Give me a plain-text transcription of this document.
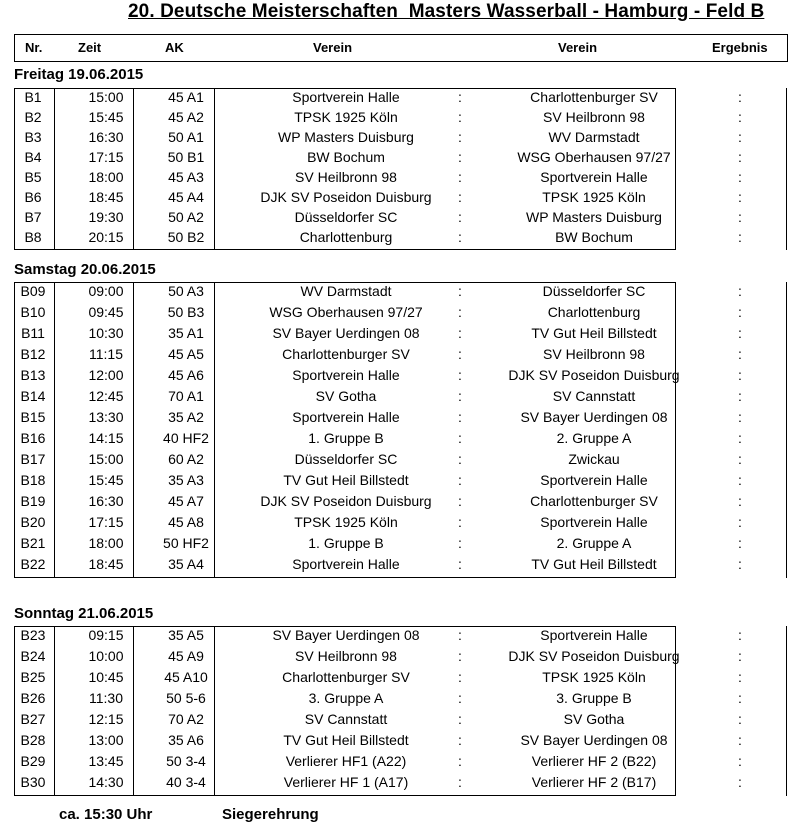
20. Deutsche Meisterschaften  Masters Wasserball - Hamburg - Feld B
Nr.	Zeit	AK	Verein	Verein	Ergebnis
Freitag 19.06.2015
B1	15:00	45 A1	Sportverein Halle	:	Charlottenburger SV	:
B2	15:45	45 A2	TPSK 1925 Köln	:	SV Heilbronn 98	:
B3	16:30	50 A1	WP Masters Duisburg	:	WV Darmstadt	:
B4	17:15	50 B1	BW Bochum	:	WSG Oberhausen 97/27	:
B5	18:00	45 A3	SV Heilbronn 98	:	Sportverein Halle	:
B6	18:45	45 A4	DJK SV Poseidon Duisburg	:	TPSK 1925 Köln	:
B7	19:30	50 A2	Düsseldorfer SC	:	WP Masters Duisburg	:
B8	20:15	50 B2	Charlottenburg	:	BW Bochum	:
Samstag 20.06.2015
B09	09:00	50 A3	WV Darmstadt	:	Düsseldorfer SC	:
B10	09:45	50 B3	WSG Oberhausen 97/27	:	Charlottenburg	:
B11	10:30	35 A1	SV Bayer Uerdingen 08	:	TV Gut Heil Billstedt	:
B12	11:15	45 A5	Charlottenburger SV	:	SV Heilbronn 98	:
B13	12:00	45 A6	Sportverein Halle	:	DJK SV Poseidon Duisburg	:
B14	12:45	70 A1	SV Gotha	:	SV Cannstatt	:
B15	13:30	35 A2	Sportverein Halle	:	SV Bayer Uerdingen 08	:
B16	14:15	40 HF2	1. Gruppe B	:	2. Gruppe A	:
B17	15:00	60 A2	Düsseldorfer SC	:	Zwickau	:
B18	15:45	35 A3	TV Gut Heil Billstedt	:	Sportverein Halle	:
B19	16:30	45 A7	DJK SV Poseidon Duisburg	:	Charlottenburger SV	:
B20	17:15	45 A8	TPSK 1925 Köln	:	Sportverein Halle	:
B21	18:00	50 HF2	1. Gruppe B	:	2. Gruppe A	:
B22	18:45	35 A4	Sportverein Halle	:	TV Gut Heil Billstedt	:
Sonntag 21.06.2015
B23	09:15	35 A5	SV Bayer Uerdingen 08	:	Sportverein Halle	:
B24	10:00	45 A9	SV Heilbronn 98	:	DJK SV Poseidon Duisburg	:
B25	10:45	45 A10	Charlottenburger SV	:	TPSK 1925 Köln	:
B26	11:30	50 5-6	3. Gruppe A	:	3. Gruppe B	:
B27	12:15	70 A2	SV Cannstatt	:	SV Gotha	:
B28	13:00	35 A6	TV Gut Heil Billstedt	:	SV Bayer Uerdingen 08	:
B29	13:45	50 3-4	Verlierer HF1 (A22)	:	Verlierer HF 2 (B22)	:
B30	14:30	40 3-4	Verlierer HF 1 (A17)	:	Verlierer HF 2 (B17)	:
ca. 15:30 Uhr	Siegerehrung
